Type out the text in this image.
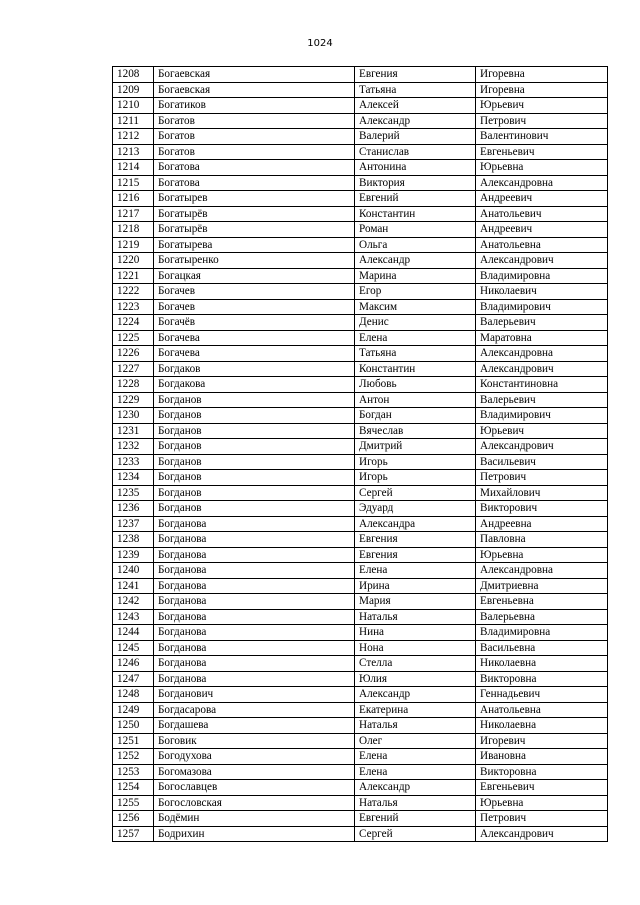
1024
1208	Богаевская	Евгения	Игоревна
1209	Богаевская	Татьяна	Игоревна
1210	Богатиков	Алексей	Юрьевич
1211	Богатов	Александр	Петрович
1212	Богатов	Валерий	Валентинович
1213	Богатов	Станислав	Евгеньевич
1214	Богатова	Антонина	Юрьевна
1215	Богатова	Виктория	Александровна
1216	Богатырев	Евгений	Андреевич
1217	Богатырёв	Константин	Анатольевич
1218	Богатырёв	Роман	Андреевич
1219	Богатырева	Ольга	Анатольевна
1220	Богатыренко	Александр	Александрович
1221	Богацкая	Марина	Владимировна
1222	Богачев	Егор	Николаевич
1223	Богачев	Максим	Владимирович
1224	Богачёв	Денис	Валерьевич
1225	Богачева	Елена	Маратовна
1226	Богачева	Татьяна	Александровна
1227	Богдаков	Константин	Александрович
1228	Богдакова	Любовь	Константиновна
1229	Богданов	Антон	Валерьевич
1230	Богданов	Богдан	Владимирович
1231	Богданов	Вячеслав	Юрьевич
1232	Богданов	Дмитрий	Александрович
1233	Богданов	Игорь	Васильевич
1234	Богданов	Игорь	Петрович
1235	Богданов	Сергей	Михайлович
1236	Богданов	Эдуард	Викторович
1237	Богданова	Александра	Андреевна
1238	Богданова	Евгения	Павловна
1239	Богданова	Евгения	Юрьевна
1240	Богданова	Елена	Александровна
1241	Богданова	Ирина	Дмитриевна
1242	Богданова	Мария	Евгеньевна
1243	Богданова	Наталья	Валерьевна
1244	Богданова	Нина	Владимировна
1245	Богданова	Нона	Васильевна
1246	Богданова	Стелла	Николаевна
1247	Богданова	Юлия	Викторовна
1248	Богданович	Александр	Геннадьевич
1249	Богдасарова	Екатерина	Анатольевна
1250	Богдашева	Наталья	Николаевна
1251	Боговик	Олег	Игоревич
1252	Богодухова	Елена	Ивановна
1253	Богомазова	Елена	Викторовна
1254	Богославцев	Александр	Евгеньевич
1255	Богословская	Наталья	Юрьевна
1256	Бодёмин	Евгений	Петрович
1257	Бодрихин	Сергей	Александрович
